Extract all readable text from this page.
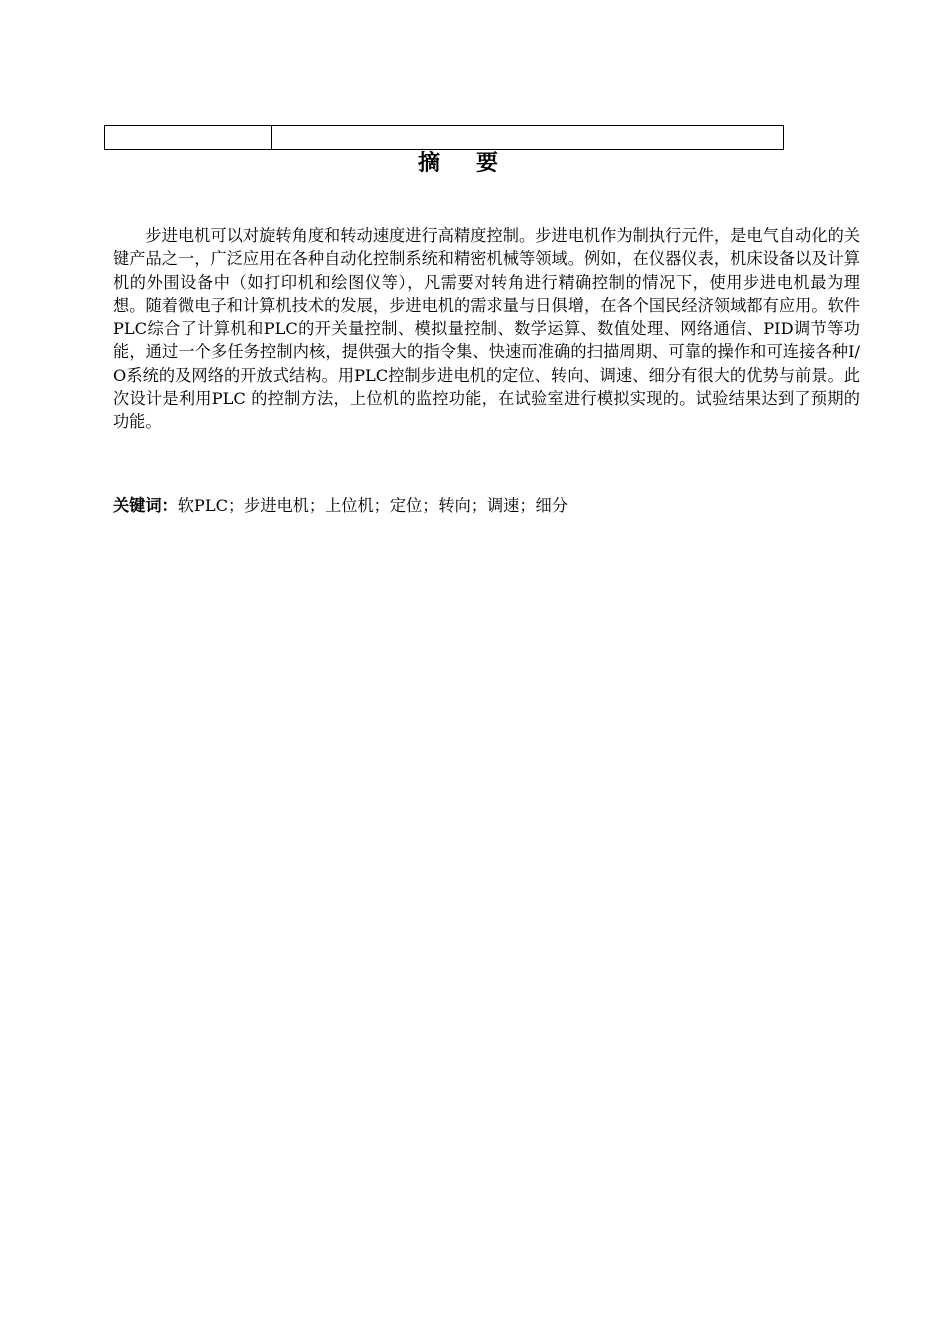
摘要

步进电机可以对旋转角度和转动速度进行高精度控制。步进电机作为制执行元件，是电气自动化的关键产品之一，广泛应用在各种自动化控制系统和精密机械等领域。例如，在仪器仪表，机床设备以及计算机的外围设备中（如打印机和绘图仪等），凡需要对转角进行精确控制的情况下，使用步进电机最为理想。随着微电子和计算机技术的发展，步进电机的需求量与日俱增，在各个国民经济领域都有应用。软件PLC综合了计算机和PLC的开关量控制、模拟量控制、数学运算、数值处理、网络通信、PID调节等功能，通过一个多任务控制内核，提供强大的指令集、快速而准确的扫描周期、可靠的操作和可连接各种I/O系统的及网络的开放式结构。用PLC控制步进电机的定位、转向、调速、细分有很大的优势与前景。此次设计是利用PLC 的控制方法，上位机的监控功能，在试验室进行模拟实现的。试验结果达到了预期的功能。

关键词：软PLC；步进电机；上位机；定位；转向；调速；细分
